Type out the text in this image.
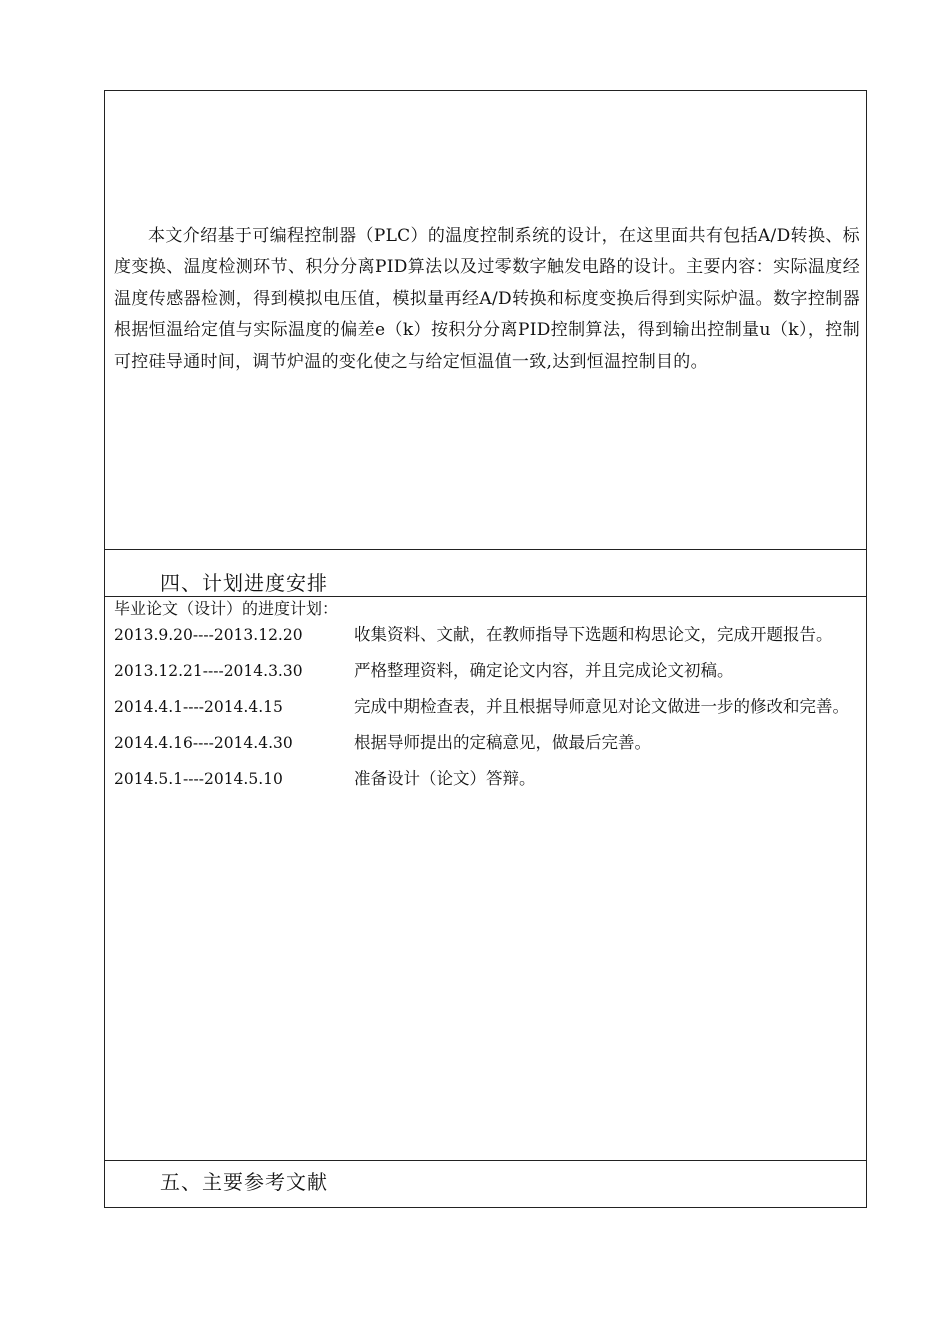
本文介绍基于可编程控制器（PLC）的温度控制系统的设计，在这里面共有包括A/D转换、标度变换、温度检测环节、积分分离PID算法以及过零数字触发电路的设计。主要内容：实际温度经温度传感器检测，得到模拟电压值，模拟量再经A/D转换和标度变换后得到实际炉温。数字控制器根据恒温给定值与实际温度的偏差e（k）按积分分离PID控制算法，得到输出控制量u（k），控制可控硅导通时间，调节炉温的变化使之与给定恒温值一致,达到恒温控制目的。

四、计划进度安排

毕业论文（设计）的进度计划：

2013.9.20----2013.12.20	收集资料、文献，在教师指导下选题和构思论文，完成开题报告。
2013.12.21----2014.3.30	严格整理资料，确定论文内容，并且完成论文初稿。
2014.4.1----2014.4.15	完成中期检查表，并且根据导师意见对论文做进一步的修改和完善。
2014.4.16----2014.4.30	根据导师提出的定稿意见，做最后完善。
2014.5.1----2014.5.10	准备设计（论文）答辩。
五、主要参考文献
